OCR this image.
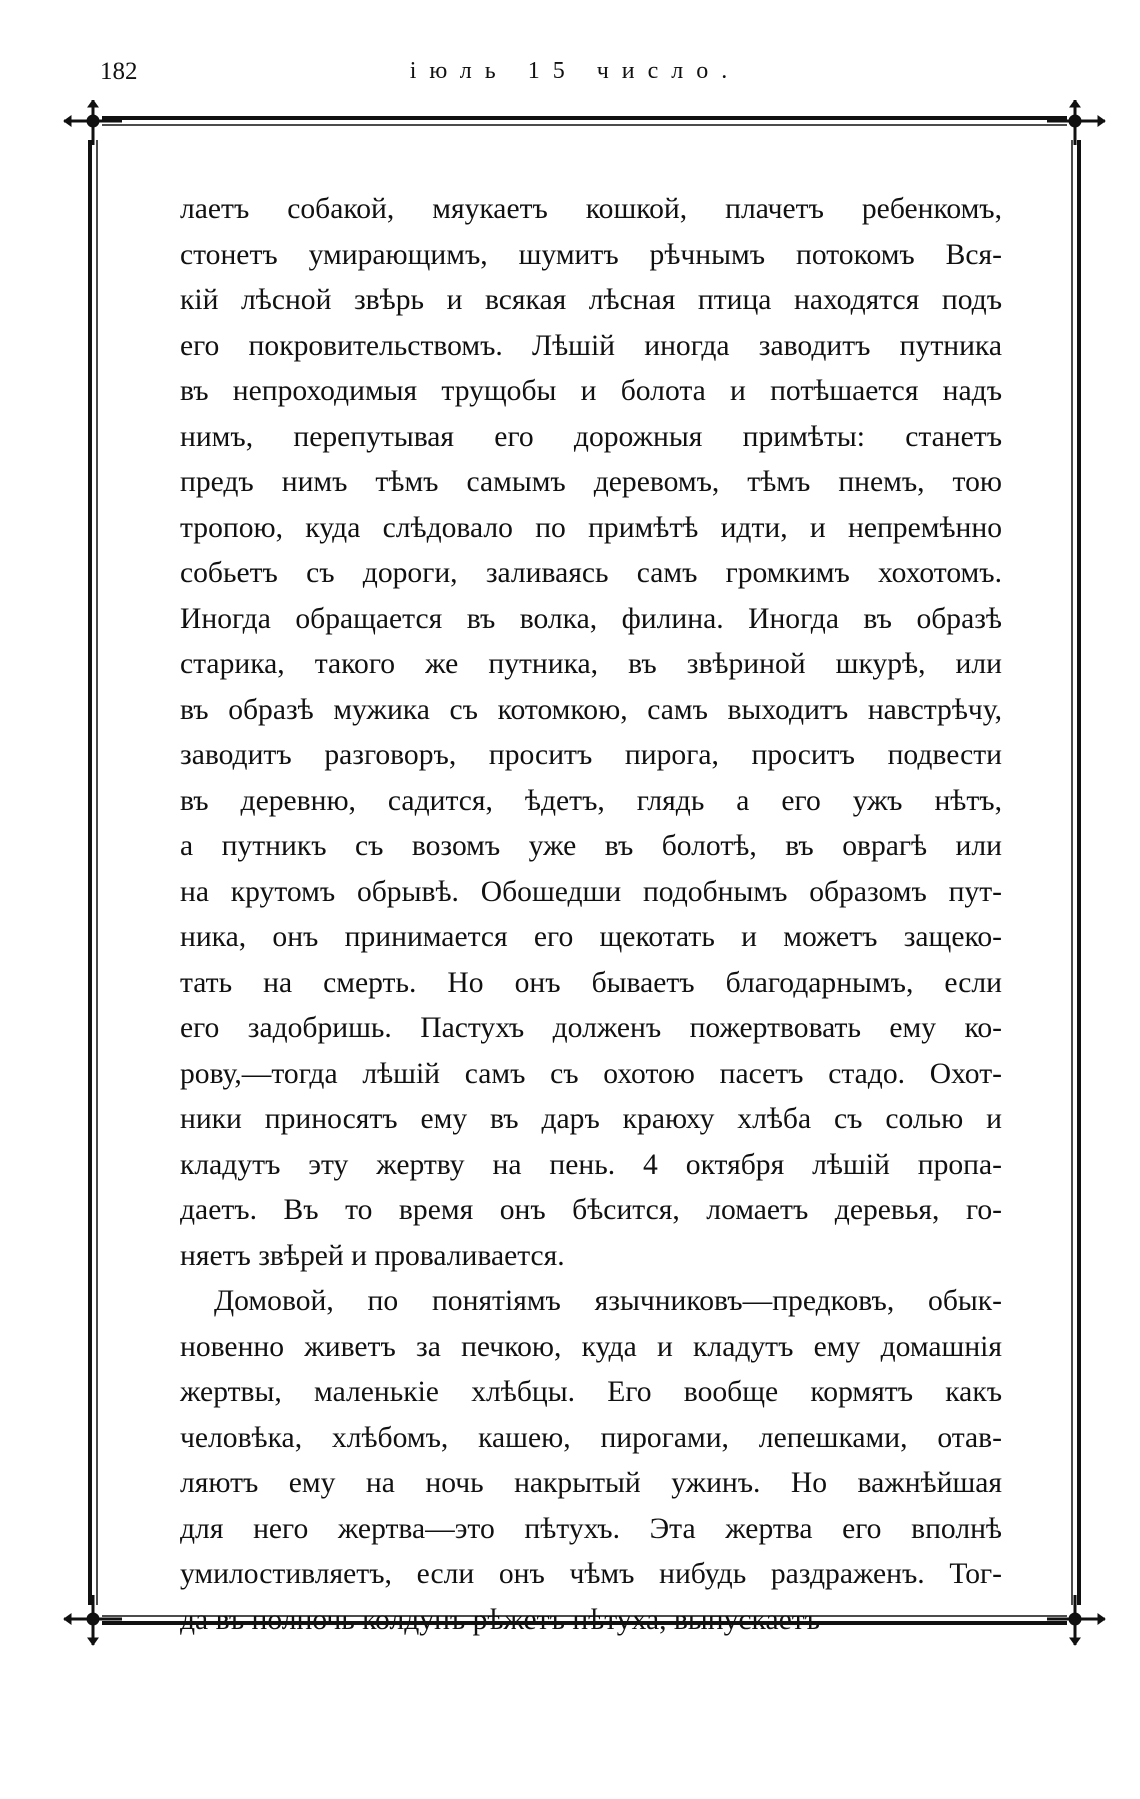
182	іюль 15 числo.
лаетъ собакой, мяукаетъ кошкой, плачетъ ребенкомъ,
стонетъ умирающимъ, шумитъ рѣчнымъ потокомъ Вся-
кій лѣсной звѣрь и всякая лѣсная птица находятся подъ
его покровительствомъ. Лѣшій иногда заводитъ путника
въ непроходимыя трущобы и болота и потѣшается надъ
нимъ, перепутывая его дорожныя примѣты: станетъ
предъ нимъ тѣмъ самымъ деревомъ, тѣмъ пнемъ, тою
тропою, куда слѣдовало по примѣтѣ идти, и непремѣнно
собьетъ съ дороги, заливаясь самъ громкимъ хохотомъ.
Иногда обращается въ волка, филина. Иногда въ образѣ
старика, такого же путника, въ звѣриной шкурѣ, или
въ образѣ мужика съ котомкою, самъ выходитъ навстрѣчу,
заводитъ разговоръ, проситъ пирога, проситъ подвести
въ деревню, садится, ѣдетъ, глядь а его ужъ нѣтъ,
а путникъ съ возомъ уже въ болотѣ, въ оврагѣ или
на крутомъ обрывѣ. Обошедши подобнымъ образомъ пут-
ника, онъ принимается его щекотать и можетъ защеко-
тать на смерть. Но онъ бываетъ благодарнымъ, если
его задобришь. Пастухъ долженъ пожертвовать ему ко-
рову,—тогда лѣшій самъ съ охотою пасетъ стадо. Охот-
ники приносятъ ему въ даръ краюху хлѣба съ солью и
кладутъ эту жертву на пень. 4 октября лѣшій пропа-
даетъ. Въ то время онъ бѣсится, ломаетъ деревья, го-
няетъ звѣрей и проваливается.
Домовой, по понятіямъ язычниковъ—предковъ, обык-
новенно живетъ за печкою, куда и кладутъ ему домашнія
жертвы, маленькіе хлѣбцы. Его вообще кормятъ какъ
человѣка, хлѣбомъ, кашею, пирогами, лепешками, отав-
ляютъ ему на ночь накрытый ужинъ. Но важнѣйшая
для него жертва—это пѣтухъ. Эта жертва его вполнѣ
умилостивляетъ, если онъ чѣмъ нибудь раздраженъ. Тог-
да въ полночь колдунъ рѣжетъ пѣтуха, выпускаетъ
